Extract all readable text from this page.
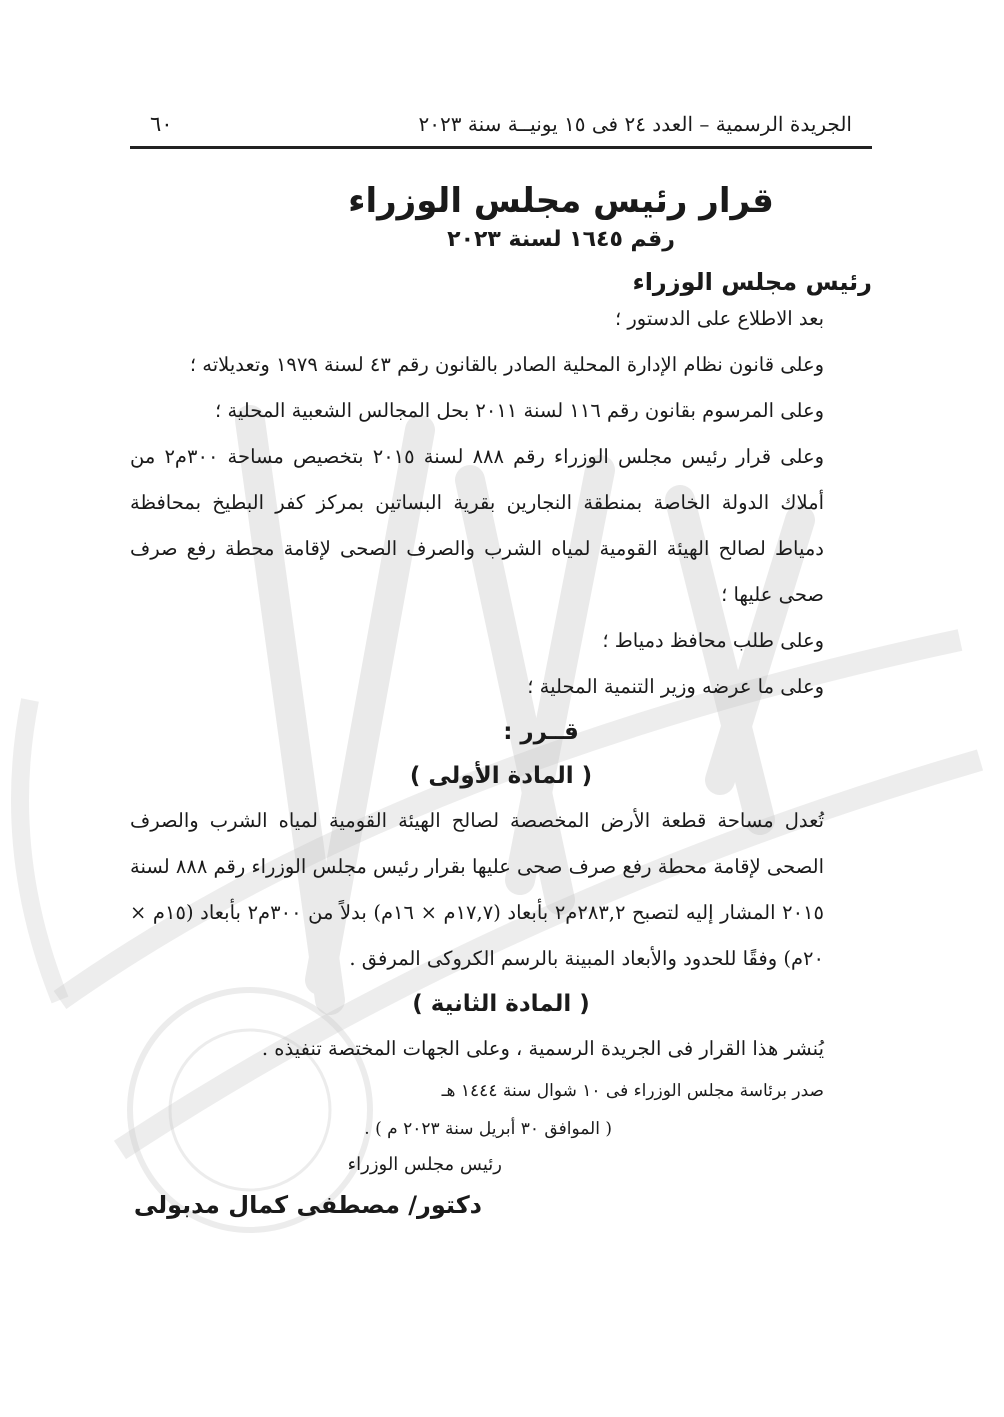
الجريدة الرسمية – العدد ٢٤ فى ١٥ يونيــة سنة ٢٠٢٣
٦٠
قرار رئيس مجلس الوزراء
رقم ١٦٤٥ لسنة ٢٠٢٣
رئيس مجلس الوزراء
بعد الاطلاع على الدستور ؛
وعلى قانون نظام الإدارة المحلية الصادر بالقانون رقم ٤٣ لسنة ١٩٧٩ وتعديلاته ؛
وعلى المرسوم بقانون رقم ١١٦ لسنة ٢٠١١ بحل المجالس الشعبية المحلية ؛
وعلى قرار رئيس مجلس الوزراء رقم ٨٨٨ لسنة ٢٠١٥ بتخصيص مساحة ٣٠٠م٢ من أملاك الدولة الخاصة بمنطقة النجارين بقرية البساتين بمركز كفر البطيخ بمحافظة دمياط لصالح الهيئة القومية لمياه الشرب والصرف الصحى لإقامة محطة رفع صرف صحى عليها ؛
وعلى طلب محافظ دمياط ؛
وعلى ما عرضه وزير التنمية المحلية ؛
قــرر :
( المادة الأولى )
تُعدل مساحة قطعة الأرض المخصصة لصالح الهيئة القومية لمياه الشرب والصرف الصحى لإقامة محطة رفع صرف صحى عليها بقرار رئيس مجلس الوزراء رقم ٨٨٨ لسنة ٢٠١٥ المشار إليه لتصبح ٢٨٣,٢م٢ بأبعاد (١٧,٧م × ١٦م) بدلاً من ٣٠٠م٢ بأبعاد (١٥م × ٢٠م) وفقًا للحدود والأبعاد المبينة بالرسم الكروكى المرفق .
( المادة الثانية )
يُنشر هذا القرار فى الجريدة الرسمية ، وعلى الجهات المختصة تنفيذه .
صدر برئاسة مجلس الوزراء فى ١٠ شوال سنة ١٤٤٤ هـ
( الموافق ٣٠ أبريل سنة ٢٠٢٣ م ) .
رئيس مجلس الوزراء
دكتور/ مصطفى كمال مدبولى
